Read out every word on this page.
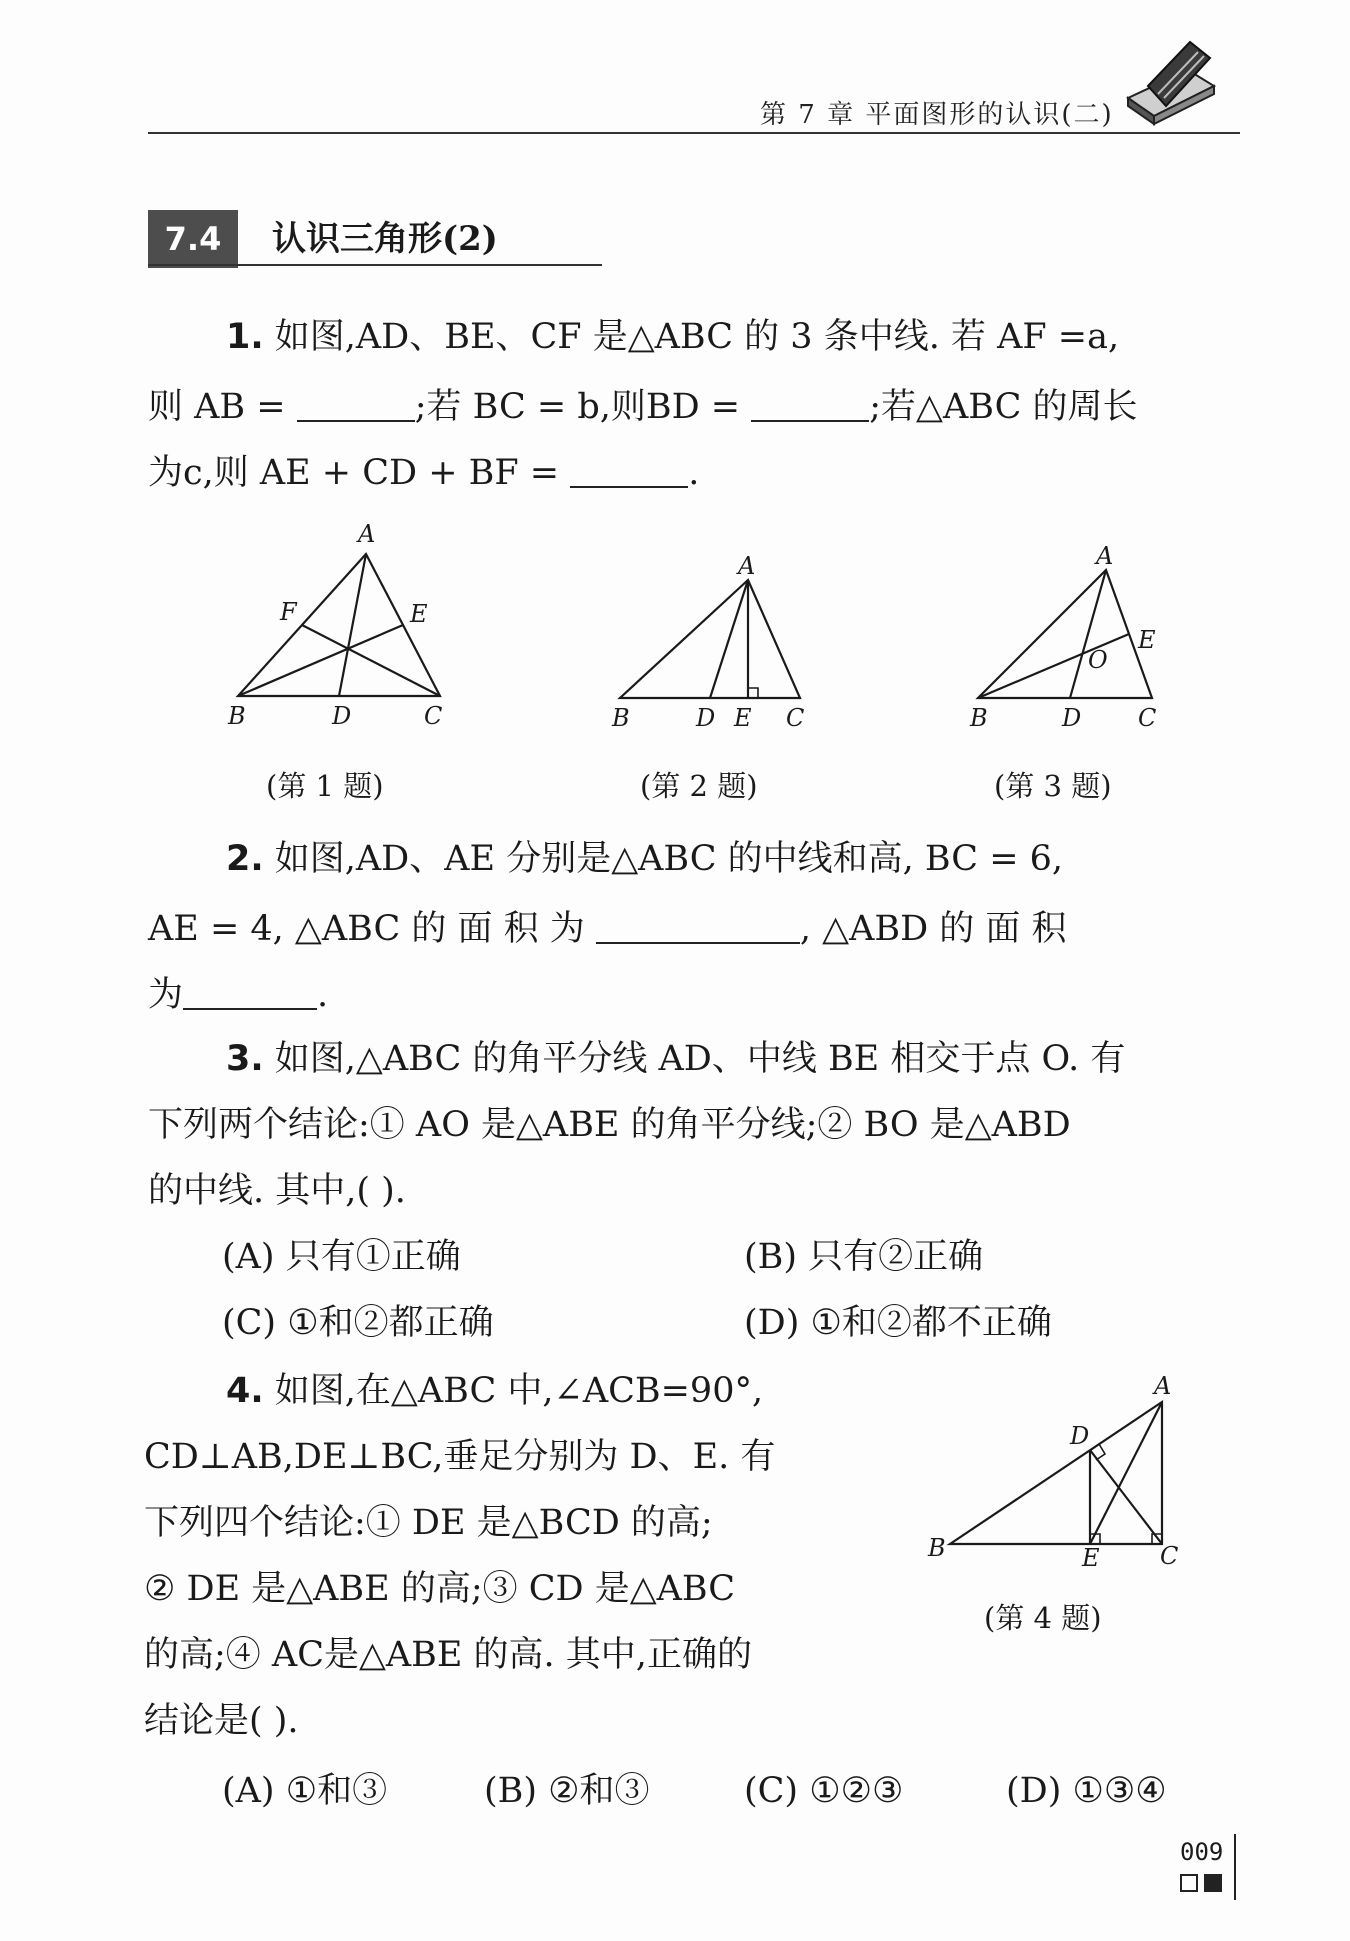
第 7 章 平面图形的认识(二)
7.4	认识三角形(2)
1. 如图,AD、BE、CF 是△ABC 的 3 条中线. 若 AF =a,
则 AB =	;若 BC = b,则BD =	;若△ABC 的周长
为c,则 AE + CD + BF =	.
A
B	D	C
E
F
(第 1 题)
A
B	D E C
(第 2 题)
A
B	D C
E
O
(第 3 题)
2. 如图,AD、AE 分别是△ABC 的中线和高, BC = 6,
AE = 4, △ABC 的 面 积 为	, △ABD 的 面 积
为	.
3. 如图,△ABC 的角平分线 AD、中线 BE 相交于点 O. 有
下列两个结论:① AO 是△ABE 的角平分线;② BO 是△ABD
的中线. 其中,( ).
(A) 只有①正确	(B) 只有②正确
(C) ①和②都正确	(D) ①和②都不正确
4. 如图,在△ABC 中,∠ACB=90°,
CD⊥AB,DE⊥BC,垂足分别为 D、E. 有
下列四个结论:① DE 是△BCD 的高;
② DE 是△ABE 的高;③ CD 是△ABC
的高;④ AC是△ABE 的高. 其中,正确的
结论是( ).
A
B	C
D
E
(第 4 题)
(A) ①和③	(B) ②和③	(C) ①②③	(D) ①③④
009
